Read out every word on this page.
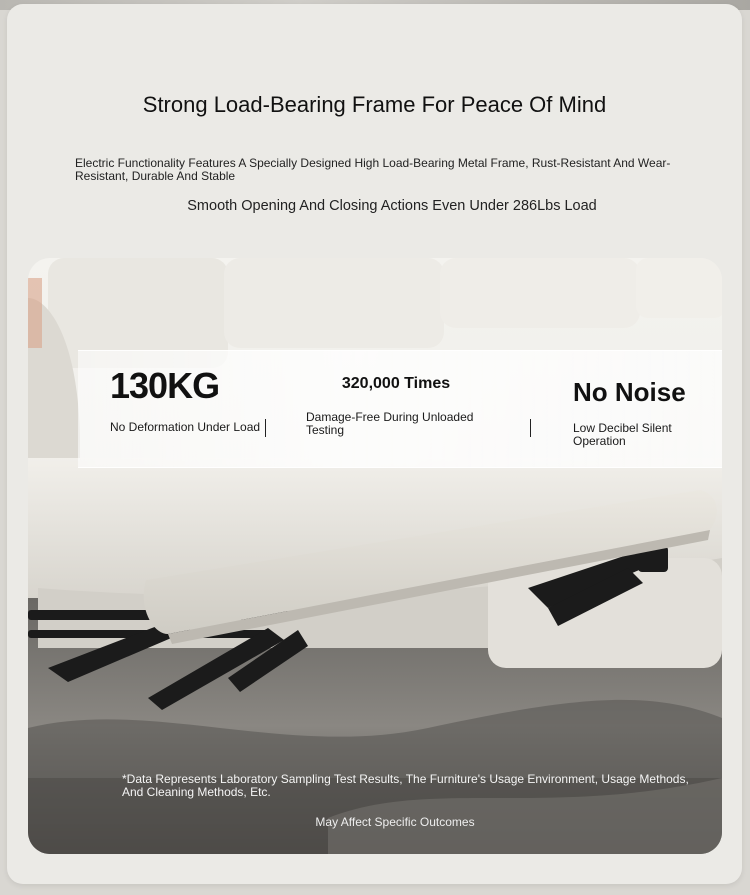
Strong Load-Bearing Frame For Peace Of Mind

Electric Functionality Features A Specially Designed High Load-Bearing Metal Frame, Rust-Resistant And Wear-Resistant, Durable And Stable

Smooth Opening And Closing Actions Even Under 286Lbs Load

130KG

No Deformation Under Load

320,000 Times

Damage-Free During Unloaded Testing

No Noise

Low Decibel Silent Operation

*Data Represents Laboratory Sampling Test Results, The Furniture's Usage Environment, Usage Methods, And Cleaning Methods, Etc.

May Affect Specific Outcomes
